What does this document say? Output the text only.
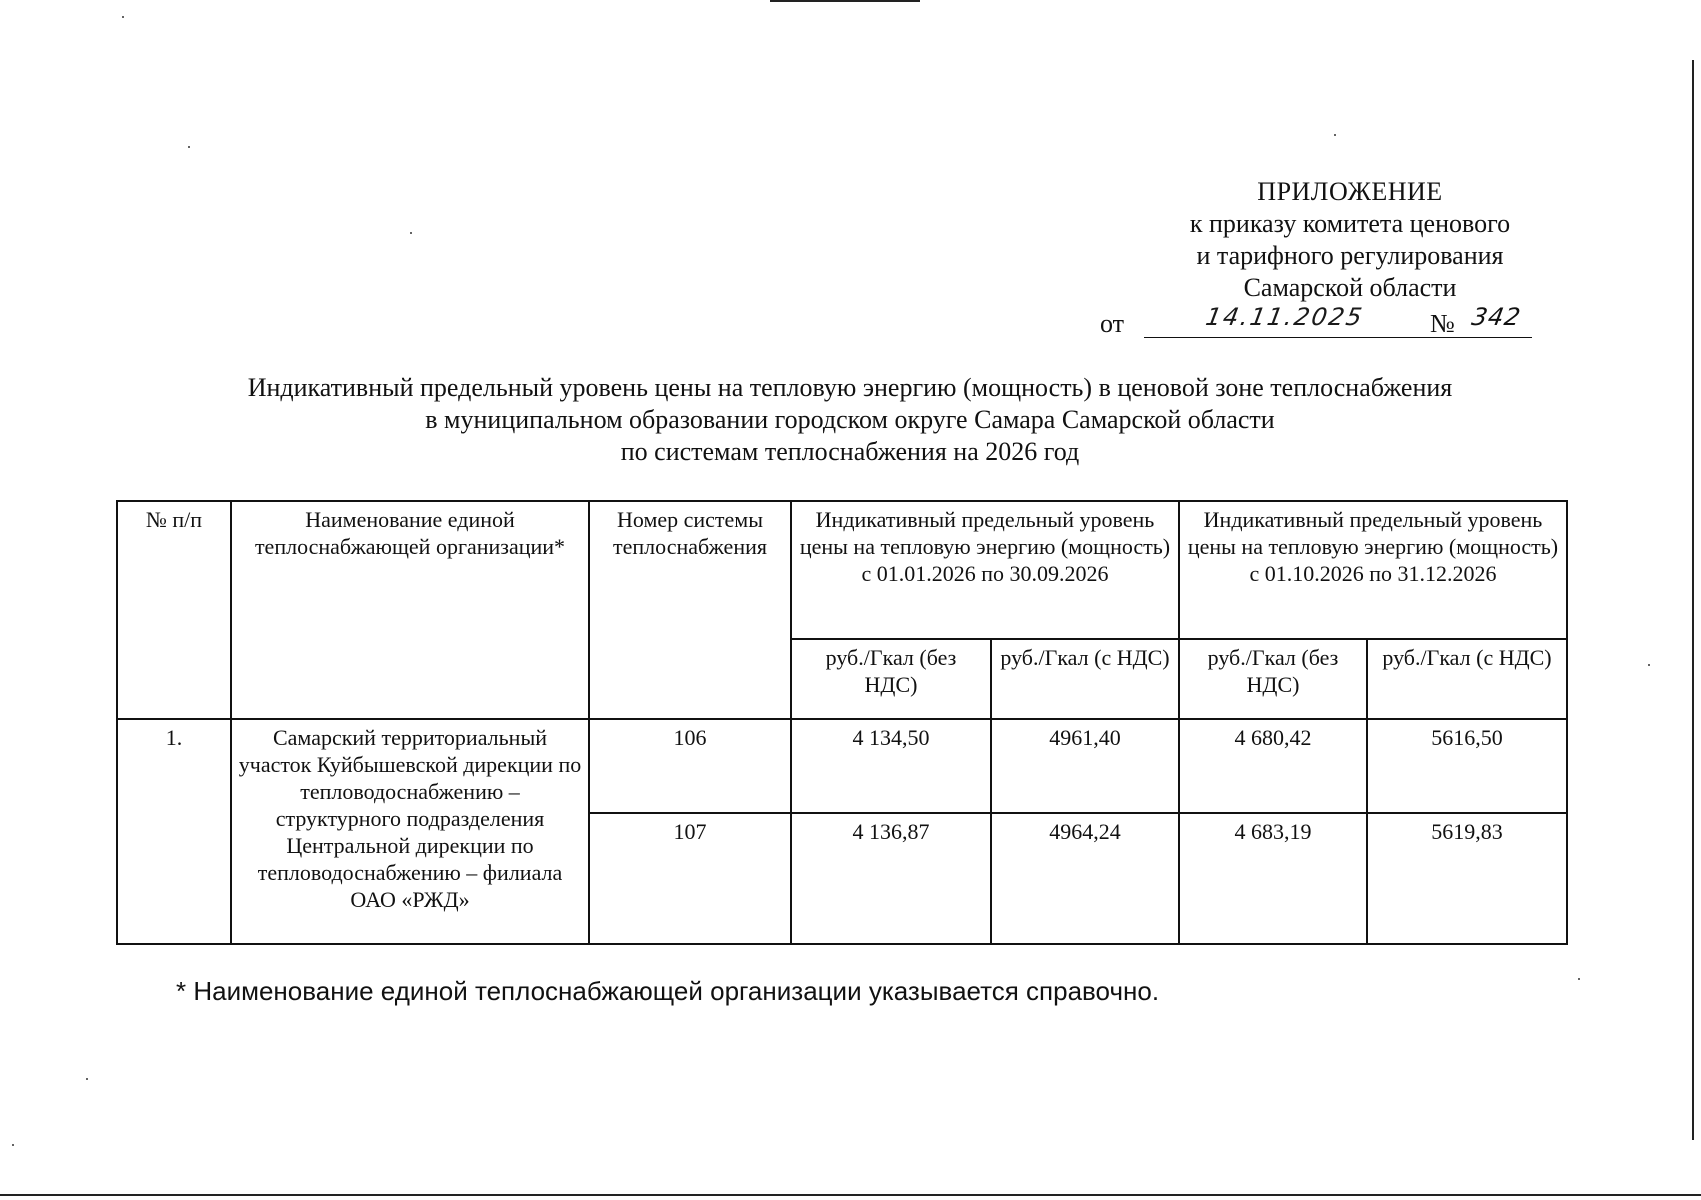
ПРИЛОЖЕНИЕ
к приказу комитета ценового
и тарифного регулирования
Самарской области
от	14.11.2025 № 342
Индикативный предельный уровень цены на тепловую энергию (мощность) в ценовой зоне теплоснабжения
в муниципальном образовании городском округе Самара Самарской области
по системам теплоснабжения на 2026 год
№ п/п	Наименование единой теплоснабжающей организации*	Номер системы теплоснабжения	Индикативный предельный уровень цены на тепловую энергию (мощность) с 01.01.2026 по 30.09.2026		Индикативный предельный уровень цены на тепловую энергию (мощность) с 01.10.2026 по 31.12.2026	
			руб./Гкал (без НДС)	руб./Гкал (с НДС)	руб./Гкал (без НДС)	руб./Гкал (с НДС)
1.	Самарский территориальный участок Куйбышевской дирекции по тепловодоснабжению – структурного подразделения Центральной дирекции по тепловодоснабжению – филиала ОАО «РЖД»	106	4 134,50	4961,40	4 680,42	5616,50
		107	4 136,87	4964,24	4 683,19	5619,83
* Наименование единой теплоснабжающей организации указывается справочно.
